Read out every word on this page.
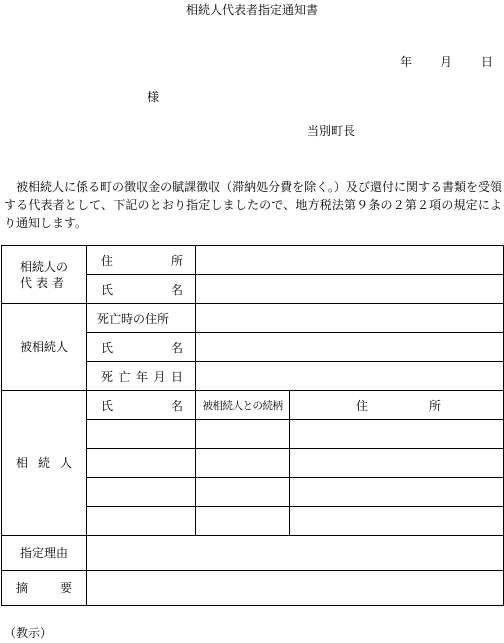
相続人代表者指定通知書
年 月 日
様
当別町長
　被相続人に係る町の徴収金の賦課徴収（滞納処分費を除く。）及び還付に関する書類を受領する代表者として、下記のとおり指定しましたので、地方税法第９条の２第２項の規定により通知します。
相続人の
代表者	住　　所		
	氏　　名		
被相続人	死亡時の住所		
	氏　　名		
	死亡年月日		
相続人	氏　　名	被相続人との続柄	住　　所

指定理由			
摘　　要			
（教示）
